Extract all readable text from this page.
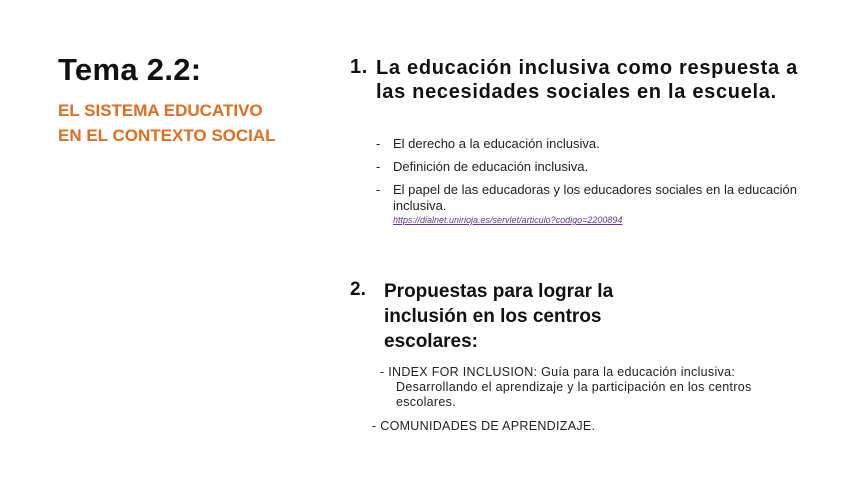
Tema 2.2:
EL SISTEMA EDUCATIVO
EN EL CONTEXTO SOCIAL
1. La educación inclusiva como respuesta a las necesidades sociales en la escuela.
- El derecho a la educación inclusiva.
- Definición de educación inclusiva.
- El papel de las educadoras y los educadores sociales en la educación inclusiva.
https://dialnet.unirioja.es/servlet/articulo?codigo=2200894
2. Propuestas para lograr la inclusión en los centros escolares:
- INDEX FOR INCLUSION: Guía para la educación inclusiva:
Desarrollando el aprendizaje y la participación en los centros escolares.
- COMUNIDADES DE APRENDIZAJE.
